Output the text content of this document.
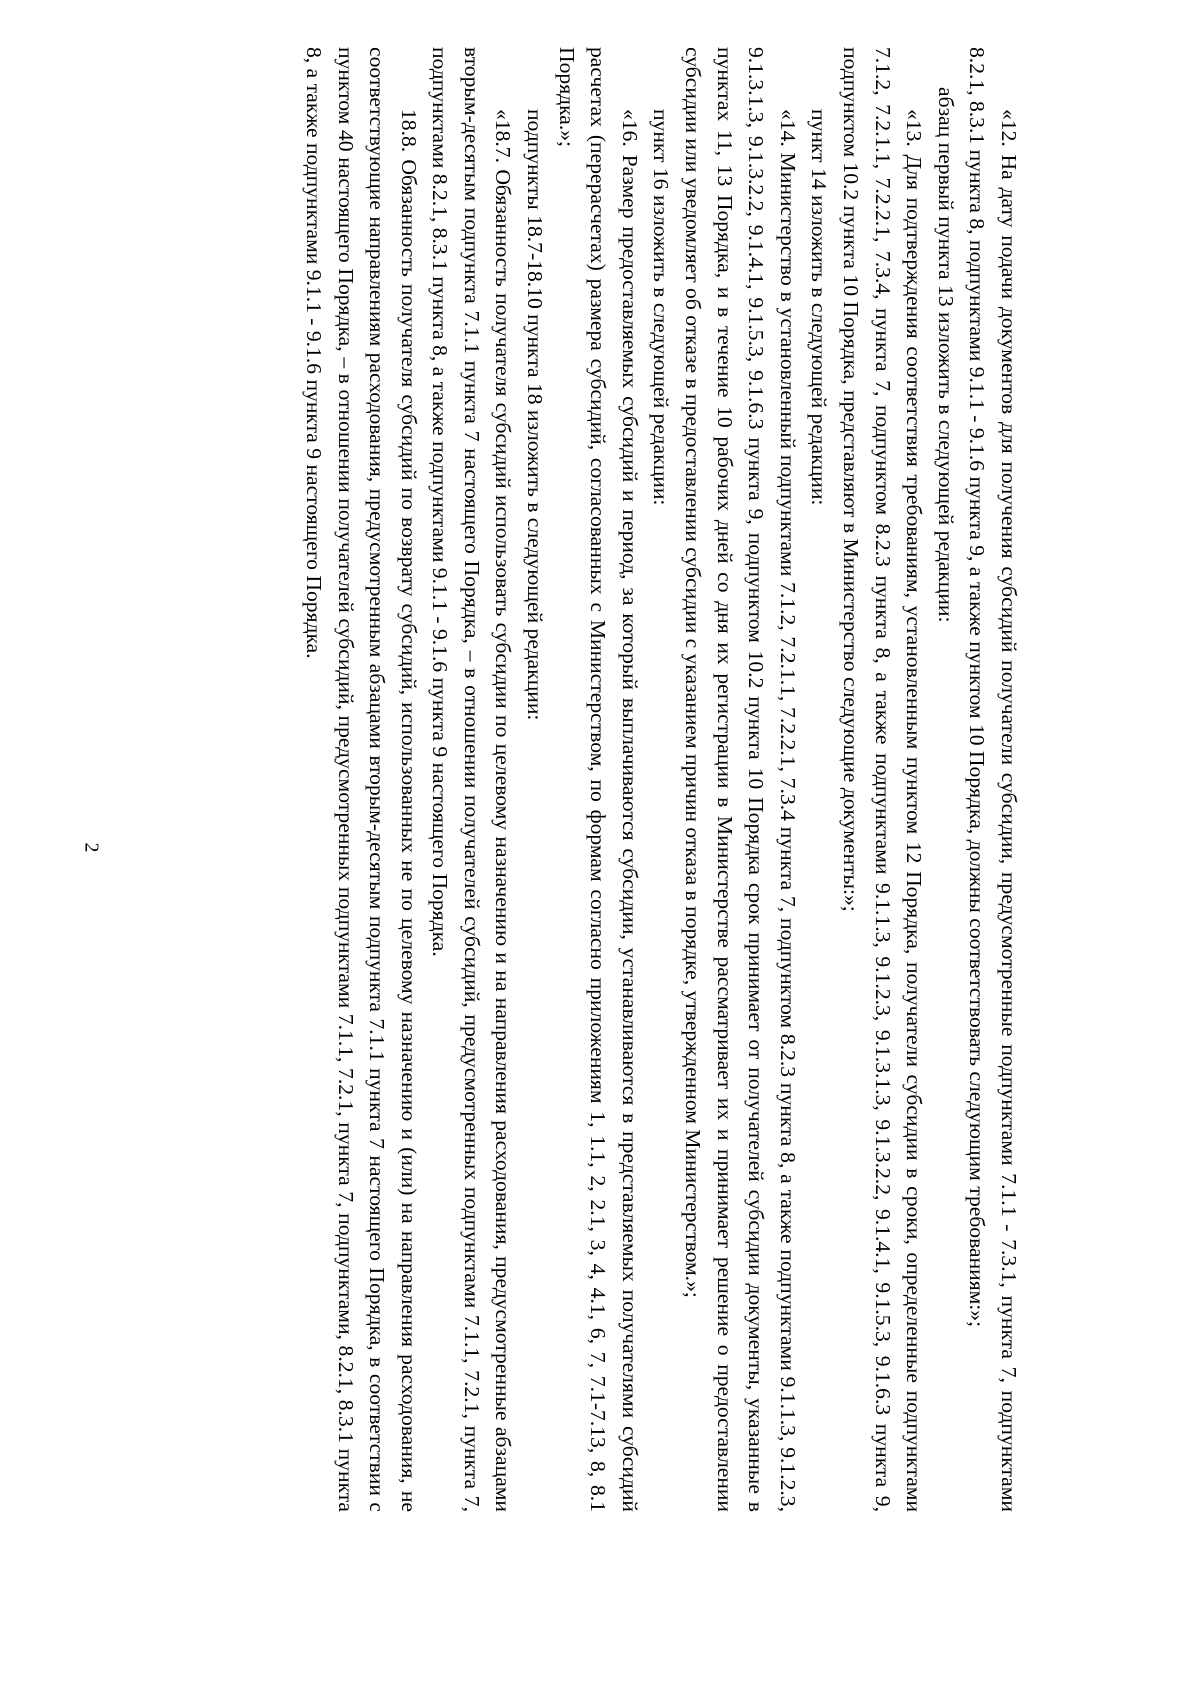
2	«12. На дату подачи документов для получения субсидий получатели субсидии, предусмотренные подпунктами 7.1.1 - 7.3.1, пункта 7, подпунктами 8.2.1, 8.3.1 пункта 8, подпунктами 9.1.1 - 9.1.6 пункта 9, а также пунктом 10 Порядка, должны соответствовать следующим требованиям:»;

абзац первый пункта 13 изложить в следующей редакции:

«13. Для подтверждения соответствия требованиям, установленным пунктом 12 Порядка, получатели субсидии в сроки, определенные подпунктами 7.1.2, 7.2.1.1, 7.2.2.1, 7.3.4, пункта 7, подпунктом 8.2.3 пункта 8, а также подпунктами 9.1.1.3, 9.1.2.3, 9.1.3.1.3, 9.1.3.2.2, 9.1.4.1, 9.1.5.3, 9.1.6.3 пункта 9, подпунктом 10.2 пункта 10 Порядка, представляют в Министерство следующие документы:»;

пункт 14 изложить в следующей редакции:

«14. Министерство в установленный подпунктами 7.1.2, 7.2.1.1, 7.2.2.1, 7.3.4 пункта 7, подпунктом 8.2.3 пункта 8, а также подпунктами 9.1.1.3, 9.1.2.3, 9.1.3.1.3, 9.1.3.2.2, 9.1.4.1, 9.1.5.3, 9.1.6.3 пункта 9, подпунктом 10.2 пункта 10 Порядка срок принимает от получателей субсидии документы, указанные в пунктах 11, 13 Порядка, и в течение 10 рабочих дней со дня их регистрации в Министерстве рассматривает их и принимает решение о предоставлении субсидии или уведомляет об отказе в предоставлении субсидии с указанием причин отказа в порядке, утвержденном Министерством.»;

пункт 16 изложить в следующей редакции:

«16. Размер предоставляемых субсидий и период, за который выплачиваются субсидии, устанавливаются в представляемых получателями субсидий расчетах (перерасчетах) размера субсидий, согласованных с Министерством, по формам согласно приложениям 1, 1.1, 2, 2.1, 3, 4, 4.1, 6, 7, 7.1-7.13, 8, 8.1 Порядка.»;

подпункты 18.7-18.10 пункта 18 изложить в следующей редакции:

«18.7. Обязанность получателя субсидий использовать субсидии по целевому назначению и на направления расходования, предусмотренные абзацами вторым-десятым подпункта 7.1.1 пункта 7 настоящего Порядка, – в отношении получателей субсидий, предусмотренных подпунктами 7.1.1, 7.2.1, пункта 7, подпунктами 8.2.1, 8.3.1 пункта 8, а также подпунктами 9.1.1 - 9.1.6 пункта 9 настоящего Порядка.

18.8. Обязанность получателя субсидий по возврату субсидий, использованных не по целевому назначению и (или) на направления расходования, не соответствующие направлениям расходования, предусмотренным абзацами вторым-десятым подпункта 7.1.1 пункта 7 настоящего Порядка, в соответствии с пунктом 40 настоящего Порядка, – в отношении получателей субсидий, предусмотренных подпунктами 7.1.1, 7.2.1, пункта 7, подпунктами, 8.2.1, 8.3.1 пункта 8, а также подпунктами 9.1.1 - 9.1.6 пункта 9 настоящего Порядка.
